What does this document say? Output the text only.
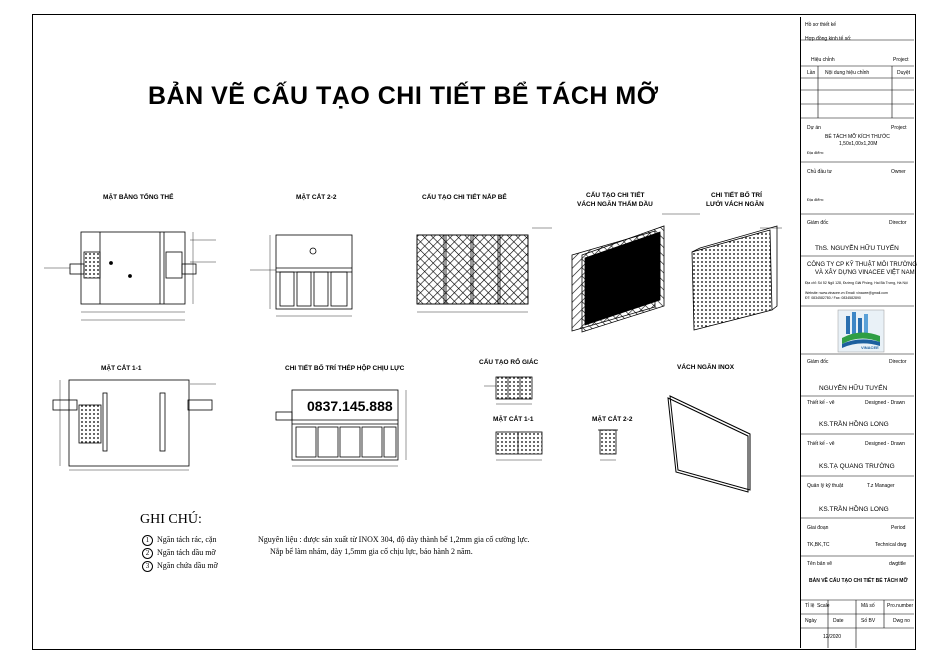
BẢN VẼ CẤU TẠO CHI TIẾT BỂ TÁCH MỠ
MẶT BẰNG TỔNG THỂ	MẶT CẮT 2-2	CẤU TẠO CHI TIẾT NẮP BỂ	CẤU TẠO CHI TIẾT
VÁCH NGĂN THẤM DẦU
CHI TIẾT BỐ TRÍ
LƯỚI VÁCH NGĂN
MẶT CẮT 1-1	CHI TIẾT BỐ TRÍ THÉP HỘP CHỊU LỰC
CẤU TẠO RỔ GIÁC
MẶT CẮT 1-1	MẶT CẮT 2-2
VÁCH NGĂN INOX
0837.145.888
GHI CHÚ:
1 Ngăn tách rác, cặn
2 Ngăn tách dầu mỡ
3 Ngăn chứa dầu mỡ
Nguyên liệu : được sản xuất từ INOX 304, độ dày thành bể 1,2mm gia cố cường lực.
Nắp bể làm nhám, dày 1,5mm gia cố chịu lực, bảo hành 2 năm.
Hồ sơ thiết kế
Hợp đồng kinh tế số:
Hiệu chỉnh	Project
Lần Nội dung hiệu chỉnh	Duyệt
Dự án	Project
BỂ TÁCH MỠ KÍCH THƯỚC
1,50x1,00x1,20M
Địa điểm:
Chủ đầu tư	Owner
Địa điểm:
Giám đốc	Director
ThS. NGUYỄN HỮU TUYẾN
CÔNG TY CP KỸ THUẬT MÔI TRƯỜNG
VÀ XÂY DỰNG VINACEE VIỆT NAM
Địa chỉ: Số 52 Ngõ 128, Đường Giải Phóng, Hai Bà Trưng, Hà Nội
Website: www.vinacee.vn Email: vinacee@gmail.com
ĐT: 0834582780 / Fax: 0834582890
VINACEE
Giám đốc	Director
NGUYỄN HỮU TUYẾN
Thiết kế - vẽ	Designed - Drawn
KS.TRẦN HỒNG LONG
Thiết kế - vẽ	Designed - Drawn
KS.TẠ QUANG TRƯỜNG
Quản lý kỹ thuật	T.z Manager
KS.TRẦN HỒNG LONG
Giai đoạn	Period
TK,BK,TC	Technical dwg
Tên bản vẽ	dwgtitle
BẢN VẼ CẤU TẠO CHI TIẾT BỂ TÁCH MỠ
Tỉ lệ Scale	Mã số Pro.number
Ngày	Date	Số BV	Dwg no
12/2020
